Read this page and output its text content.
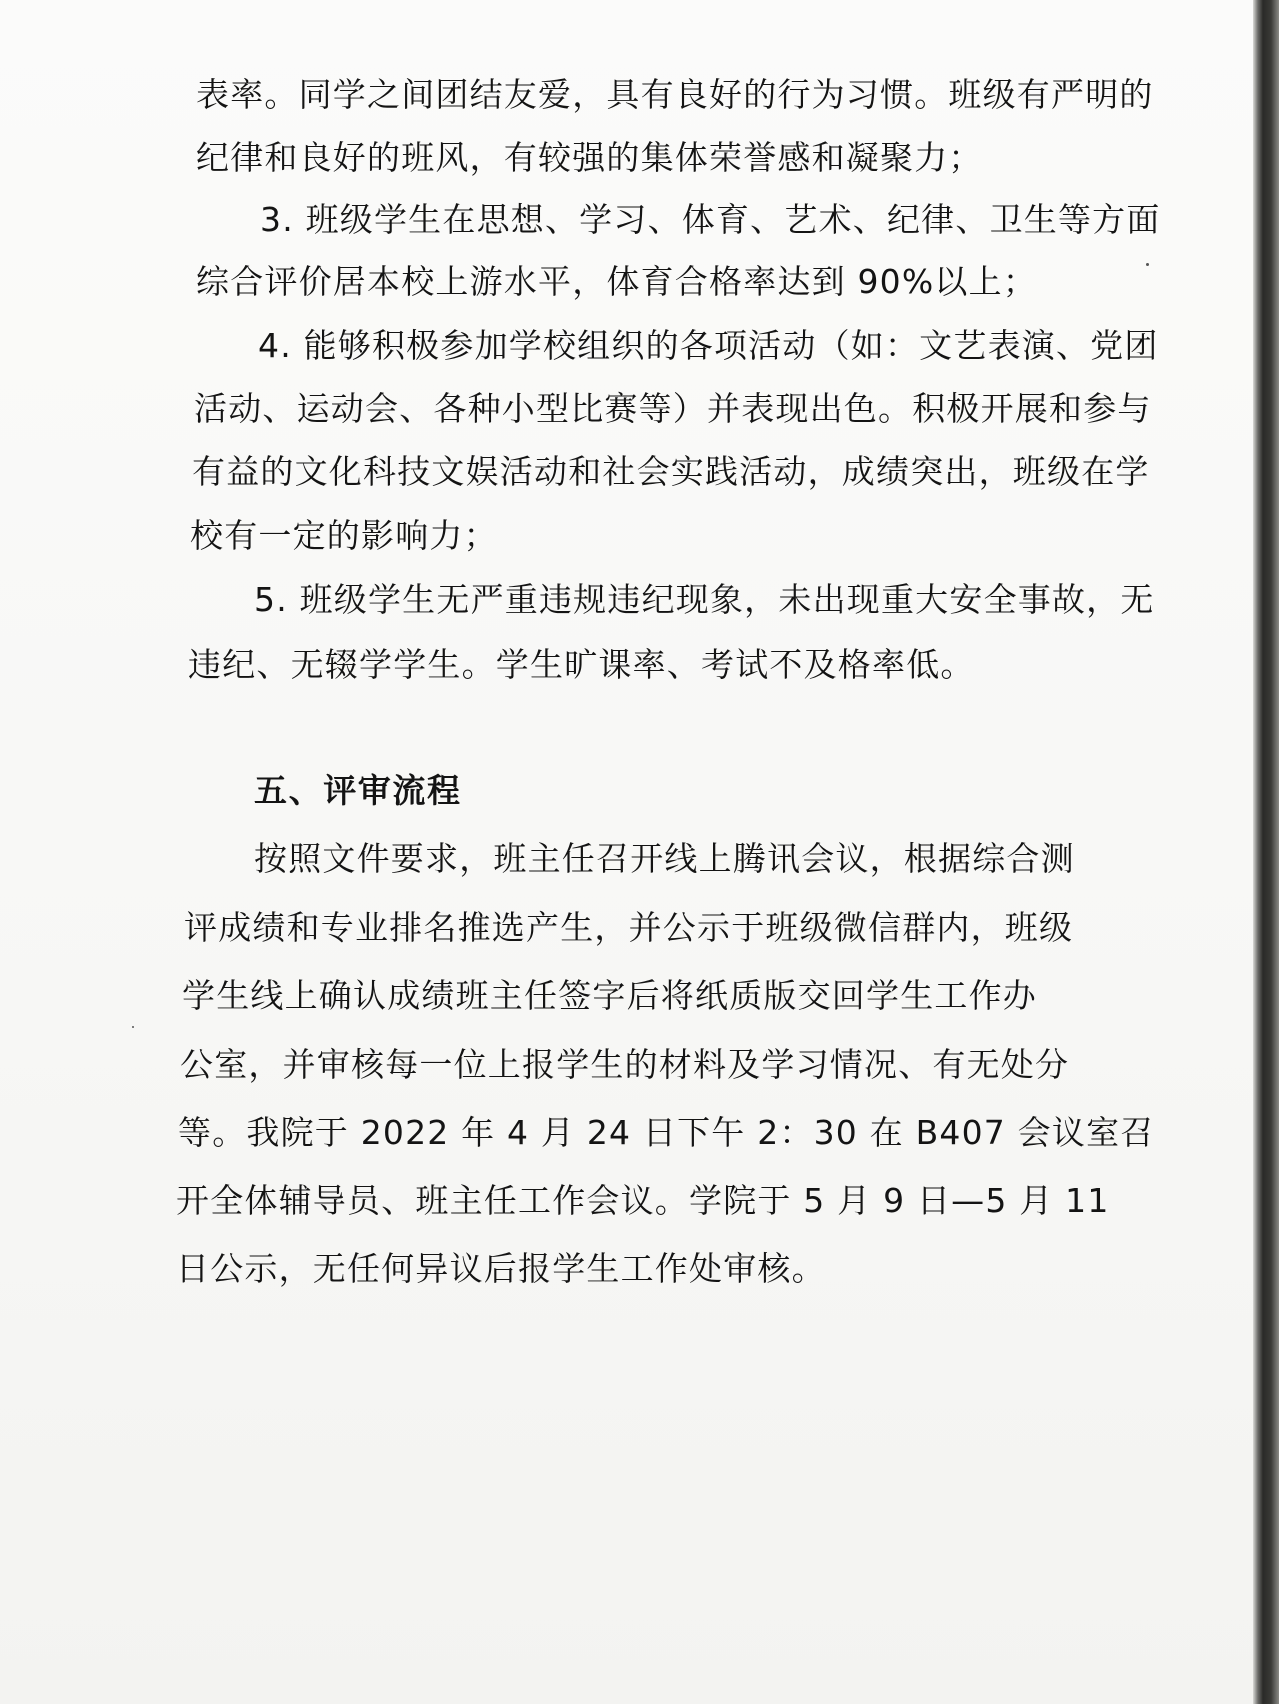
表率。同学之间团结友爱，具有良好的行为习惯。班级有严明的
纪律和良好的班风，有较强的集体荣誉感和凝聚力；
3. 班级学生在思想、学习、体育、艺术、纪律、卫生等方面
综合评价居本校上游水平，体育合格率达到 90%以上；
4. 能够积极参加学校组织的各项活动（如：文艺表演、党团
活动、运动会、各种小型比赛等）并表现出色。积极开展和参与
有益的文化科技文娱活动和社会实践活动，成绩突出，班级在学
校有一定的影响力；
5. 班级学生无严重违规违纪现象，未出现重大安全事故，无
违纪、无辍学学生。学生旷课率、考试不及格率低。
五、评审流程
按照文件要求，班主任召开线上腾讯会议，根据综合测
评成绩和专业排名推选产生，并公示于班级微信群内，班级
学生线上确认成绩班主任签字后将纸质版交回学生工作办
公室，并审核每一位上报学生的材料及学习情况、有无处分
等。我院于 2022 年 4 月 24 日下午 2：30 在 B407 会议室召
开全体辅导员、班主任工作会议。学院于 5 月 9 日—5 月 11
日公示，无任何异议后报学生工作处审核。
